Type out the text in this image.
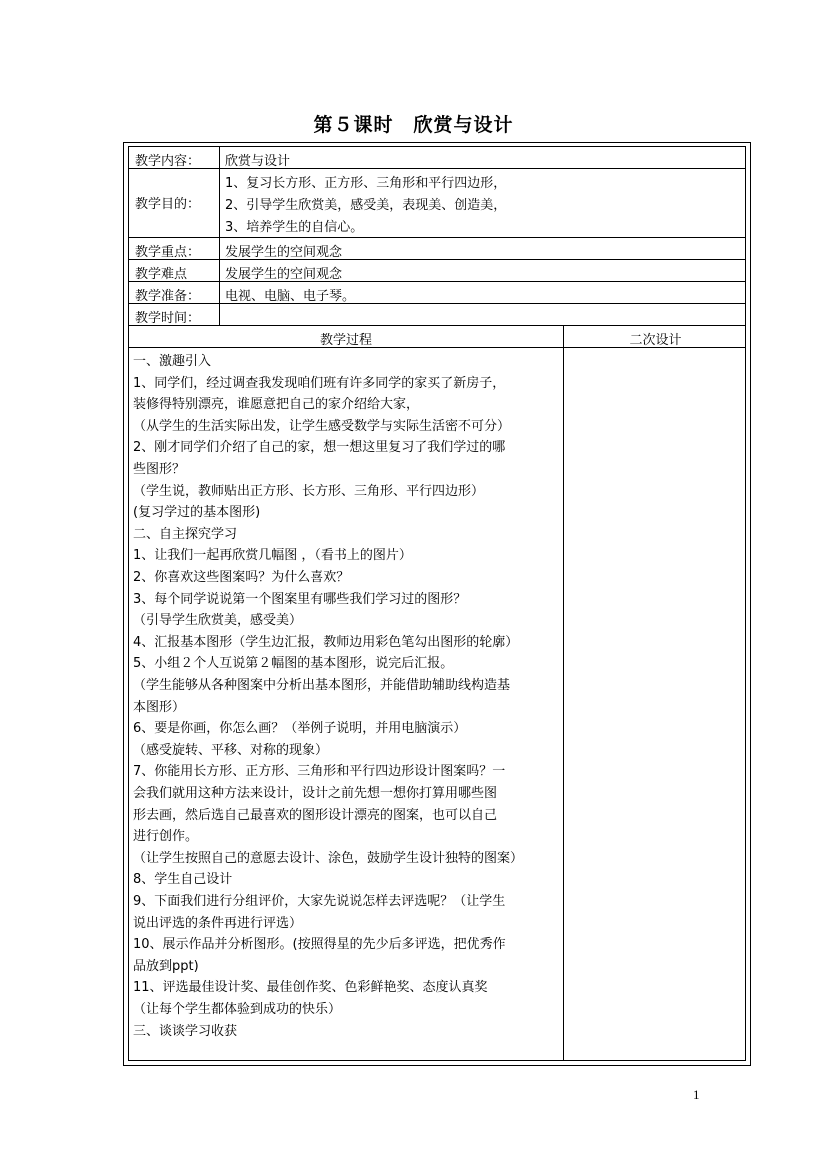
第５课时　欣赏与设计
教学内容：	欣赏与设计
教学目的：
1、复习长方形、正方形、三角形和平行四边形，
2、引导学生欣赏美，感受美，表现美、创造美，
3、培养学生的自信心。
教学重点：	发展学生的空间观念
教学难点	发展学生的空间观念
教学准备：	电视、电脑、电子琴。
教学时间：
教学过程	二次设计
一、激趣引入
1、同学们，经过调查我发现咱们班有许多同学的家买了新房子，
装修得特别漂亮，谁愿意把自己的家介绍给大家，
（从学生的生活实际出发，让学生感受数学与实际生活密不可分）
2、刚才同学们介绍了自己的家，想一想这里复习了我们学过的哪
些图形？
（学生说，教师贴出正方形、长方形、三角形、平行四边形）
(复习学过的基本图形)
二、自主探究学习
1、让我们一起再欣赏几幅图 ，（看书上的图片）
2、你喜欢这些图案吗？为什么喜欢？
3、每个同学说说第一个图案里有哪些我们学习过的图形？
（引导学生欣赏美，感受美）
4、汇报基本图形（学生边汇报，教师边用彩色笔勾出图形的轮廓）
5、小组２个人互说第２幅图的基本图形，说完后汇报。
（学生能够从各种图案中分析出基本图形，并能借助辅助线构造基
本图形）
6、要是你画，你怎么画？（举例子说明，并用电脑演示）
（感受旋转、平移、对称的现象）
7、你能用长方形、正方形、三角形和平行四边形设计图案吗？一
会我们就用这种方法来设计，设计之前先想一想你打算用哪些图
形去画，然后选自己最喜欢的图形设计漂亮的图案，也可以自己
进行创作。
（让学生按照自己的意愿去设计、涂色，鼓励学生设计独特的图案）
8、学生自己设计
9、下面我们进行分组评价，大家先说说怎样去评选呢？（让学生
说出评选的条件再进行评选）
10、展示作品并分析图形。(按照得星的先少后多评选，把优秀作
品放到ppt)
11、评选最佳设计奖、最佳创作奖、色彩鲜艳奖、态度认真奖
（让每个学生都体验到成功的快乐）
三、谈谈学习收获
1
